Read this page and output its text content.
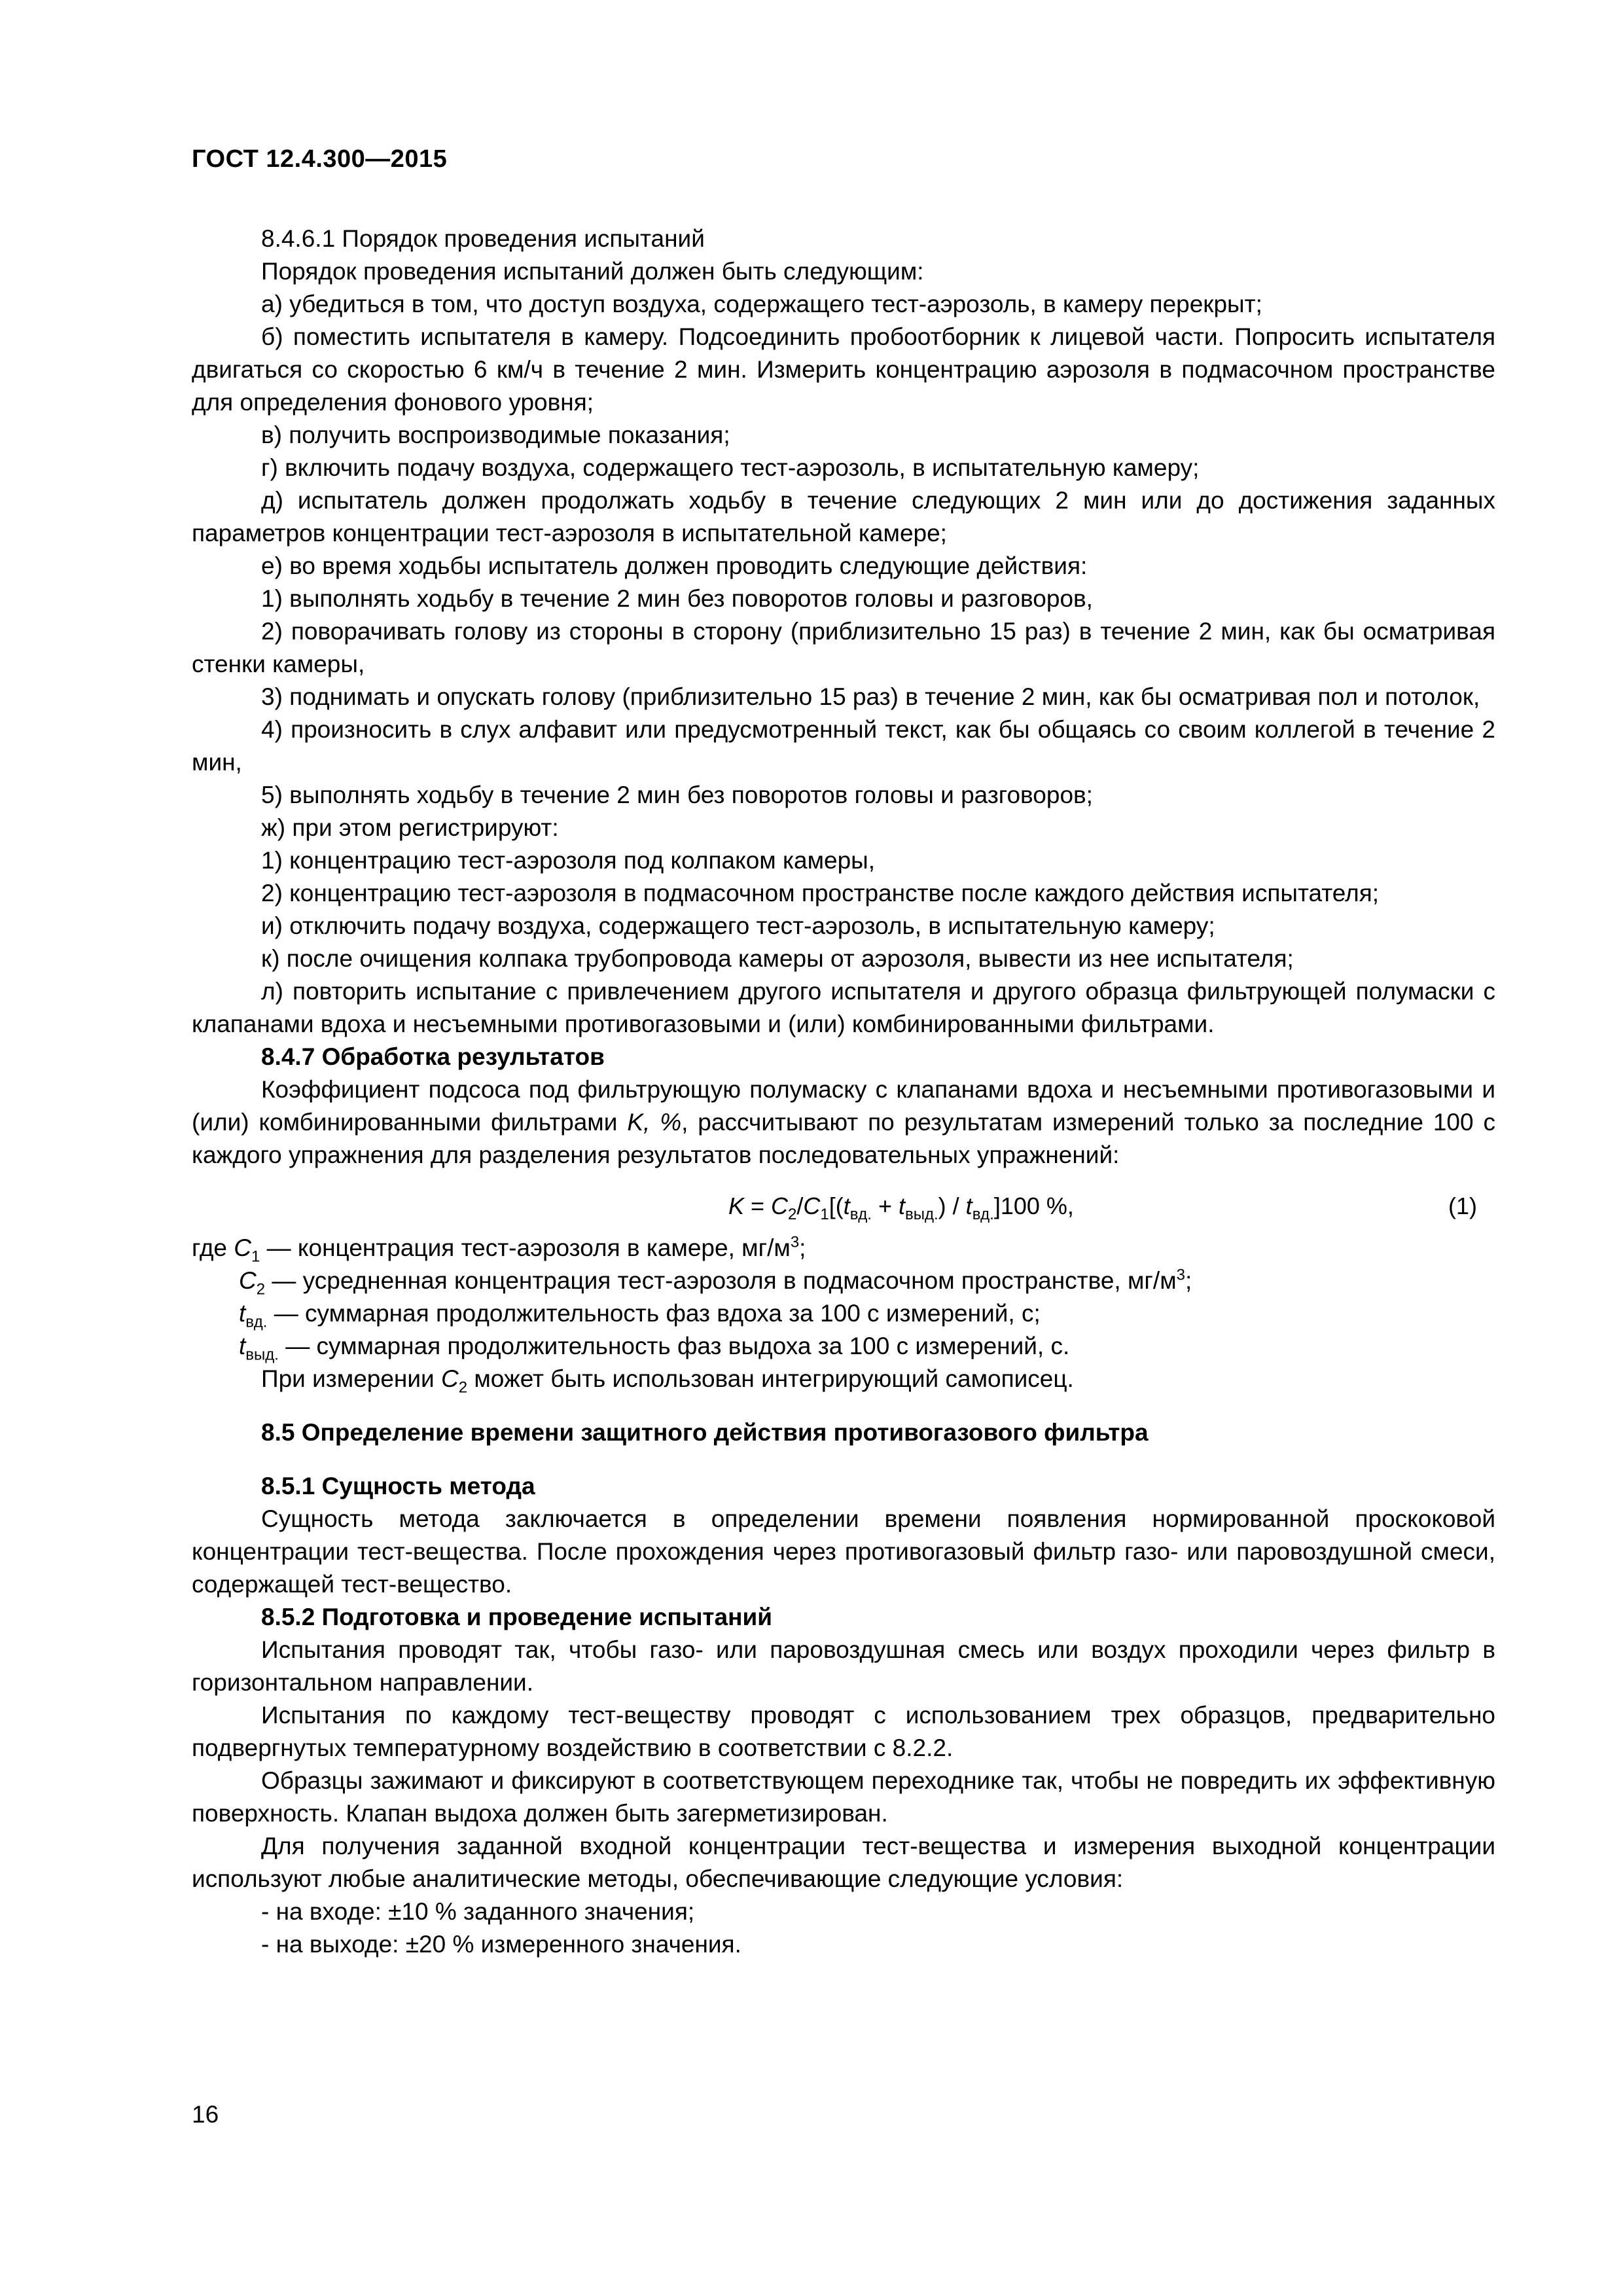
ГОСТ 12.4.300—2015

8.4.6.1 Порядок проведения испытаний

Порядок проведения испытаний должен быть следующим:

а) убедиться в том, что доступ воздуха, содержащего тест-аэрозоль, в камеру перекрыт;

б) поместить испытателя в камеру. Подсоединить пробоотборник к лицевой части. Попросить испытателя двигаться со скоростью 6 км/ч в течение 2 мин. Измерить концентрацию аэрозоля в подмасочном пространстве для определения фонового уровня;

в) получить воспроизводимые показания;

г) включить подачу воздуха, содержащего тест-аэрозоль, в испытательную камеру;

д) испытатель должен продолжать ходьбу в течение следующих 2 мин или до достижения заданных параметров концентрации тест-аэрозоля в испытательной камере;

е) во время ходьбы испытатель должен проводить следующие действия:

1) выполнять ходьбу в течение 2 мин без поворотов головы и разговоров,

2) поворачивать голову из стороны в сторону (приблизительно 15 раз) в течение 2 мин, как бы осматривая стенки камеры,

3) поднимать и опускать голову (приблизительно 15 раз) в течение 2 мин, как бы осматривая пол и потолок,

4) произносить в слух алфавит или предусмотренный текст, как бы общаясь со своим коллегой в течение 2 мин,

5) выполнять ходьбу в течение 2 мин без поворотов головы и разговоров;

ж) при этом регистрируют:

1) концентрацию тест-аэрозоля под колпаком камеры,

2) концентрацию тест-аэрозоля в подмасочном пространстве после каждого действия испытателя;

и) отключить подачу воздуха, содержащего тест-аэрозоль, в испытательную камеру;

к) после очищения колпака трубопровода камеры от аэрозоля, вывести из нее испытателя;

л) повторить испытание с привлечением другого испытателя и другого образца фильтрующей полумаски с клапанами вдоха и несъемными противогазовыми и (или) комбинированными фильтрами.

8.4.7 Обработка результатов

Коэффициент подсоса под фильтрующую полумаску с клапанами вдоха и несъемными противогазовыми и (или) комбинированными фильтрами K, %, рассчитывают по результатам измерений только за последние 100 с каждого упражнения для разделения результатов последовательных упражнений:

$K = C_2/C_1[(t_{вд.} + t_{выд.}) / t_{вд.}]100$ %,	(1)

где $C_1$ — концентрация тест-аэрозоля в камере, $мг/м^3$;

$C_2$ — усредненная концентрация тест-аэрозоля в подмасочном пространстве, $мг/м^3$;

$t_{вд.}$ — суммарная продолжительность фаз вдоха за 100 с измерений, с;

$t_{выд.}$ — суммарная продолжительность фаз выдоха за 100 с измерений, с.

При измерении $C_2$ может быть использован интегрирующий самописец.

8.5 Определение времени защитного действия противогазового фильтра

8.5.1 Сущность метода

Сущность метода заключается в определении времени появления нормированной проскоковой концентрации тест-вещества. После прохождения через противогазовый фильтр газо- или паровоздушной смеси, содержащей тест-вещество.

8.5.2 Подготовка и проведение испытаний

Испытания проводят так, чтобы газо- или паровоздушная смесь или воздух проходили через фильтр в горизонтальном направлении.

Испытания по каждому тест-веществу проводят с использованием трех образцов, предварительно подвергнутых температурному воздействию в соответствии с 8.2.2.

Образцы зажимают и фиксируют в соответствующем переходнике так, чтобы не повредить их эффективную поверхность. Клапан выдоха должен быть загерметизирован.

Для получения заданной входной концентрации тест-вещества и измерения выходной концентрации используют любые аналитические методы, обеспечивающие следующие условия:

- на входе: ±10 % заданного значения;

- на выходе: ±20 % измеренного значения.

16
